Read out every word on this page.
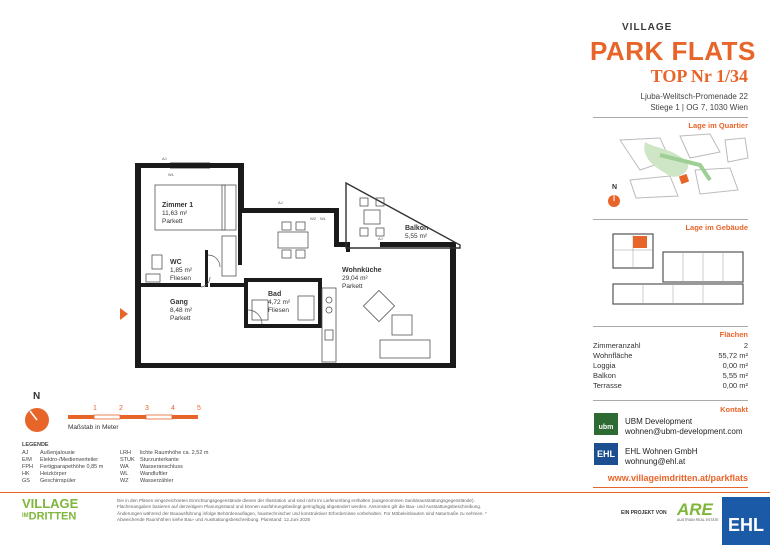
VILLAGE
PARK FLATS
TOP Nr 1/34
Ljuba-Welitsch-Promenade 22
Stiege 1 | OG 7, 1030 Wien
Lage im Quartier
N
Lage im Gebäude
Flächen
Zimmeranzahl	2
Wohnfläche	55,72 m²
Loggia	0,00 m²
Balkon	5,55 m²
Terrasse	0,00 m²
Kontakt
ubm
UBM Development
wohnen@ubm-development.com
EHL	EHL Wohnen GmbH
wohnung@ehl.at
www.villageimdritten.at/parkflats
AJ
AJ
AJ
WL
WZ WL
Zimmer 1
11,63 m²
Parkett
WC
1,85 m²
Fliesen
Gang
8,48 m²
Parkett
Bad
4,72 m²
Fliesen
Wohnküche
29,04 m²
Parkett
Balkon
5,55 m²
N
1	2	3	4	5
Maßstab in Meter
LEGENDE
AJ Außenjalousie
E/M Elektro-/Medienverteiler
FPH Fertigparapethöhe 0,85 m
HK Heizkörper
GS Geschirrspüler
LRH lichte Raumhöhe ca. 2,52 m
STUK Sturzunterkante
WA Wasseranschluss
WL Wandluftler
WZ Wasserzähler
VILLAGE
IMDRITTEN
Die in den Plänen eingezeichneten Einrichtungsgegenstände dienen der Illustration und sind nicht im Lieferumfang enthalten (ausgenommen Sanitärausstattungsgegenstände). Flächenangaben basieren auf derzeitigem Planungsstand und können ausführungsbedingt geringfügig abgeändert werden. Ansonsten gilt die Bau- und Ausstattungsbeschreibung. Änderungen während der Bauausführung infolge Behördenauflagen, haustechnischer und konstruktiver Erfordernisse vorbehalten. Für Möbeleinbauten sind Naturmaße zu nehmen. * Abweichende Raumhöhen siehe Bau- und Ausstattungsbeschreibung. Planstand: 12.Juni 2025
EIN PROJEKT VON ARE
AUSTRIAN REAL ESTATE EHL
